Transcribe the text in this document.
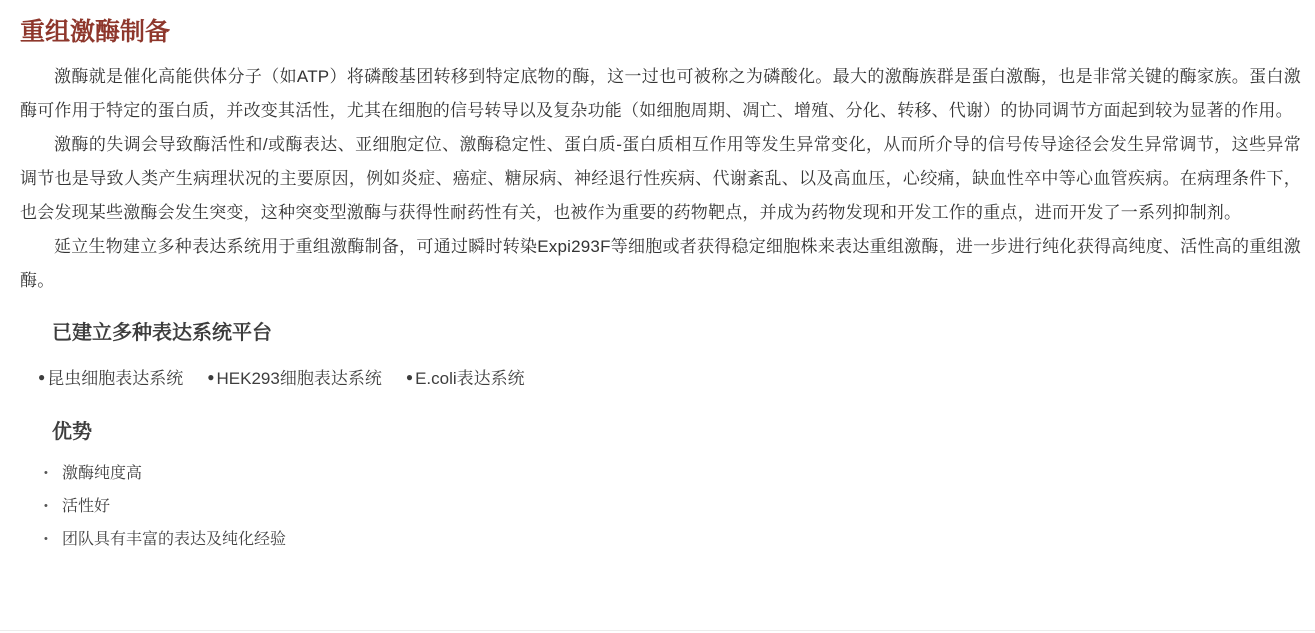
重组激酶制备

激酶就是催化高能供体分子（如ATP）将磷酸基团转移到特定底物的酶，这一过也可被称之为磷酸化。最大的激酶族群是蛋白激酶，也是非常关键的酶家族。蛋白激酶可作用于特定的蛋白质，并改变其活性，尤其在细胞的信号转导以及复杂功能（如细胞周期、凋亡、增殖、分化、转移、代谢）的协同调节方面起到较为显著的作用。

激酶的失调会导致酶活性和/或酶表达、亚细胞定位、激酶稳定性、蛋白质-蛋白质相互作用等发生异常变化，从而所介导的信号传导途径会发生异常调节，这些异常调节也是导致人类产生病理状况的主要原因，例如炎症、癌症、糖尿病、神经退行性疾病、代谢紊乱、以及高血压，心绞痛，缺血性卒中等心血管疾病。在病理条件下，也会发现某些激酶会发生突变，这种突变型激酶与获得性耐药性有关，也被作为重要的药物靶点，并成为药物发现和开发工作的重点，进而开发了一系列抑制剂。

延立生物建立多种表达系统用于重组激酶制备，可通过瞬时转染Expi293F等细胞或者获得稳定细胞株来表达重组激酶，进一步进行纯化获得高纯度、活性高的重组激酶。

已建立多种表达系统平台
● 昆虫细胞表达系统 ● HEK293细胞表达系统 ● E.coli表达系统
优势
• 激酶纯度高
• 活性好
• 团队具有丰富的表达及纯化经验
